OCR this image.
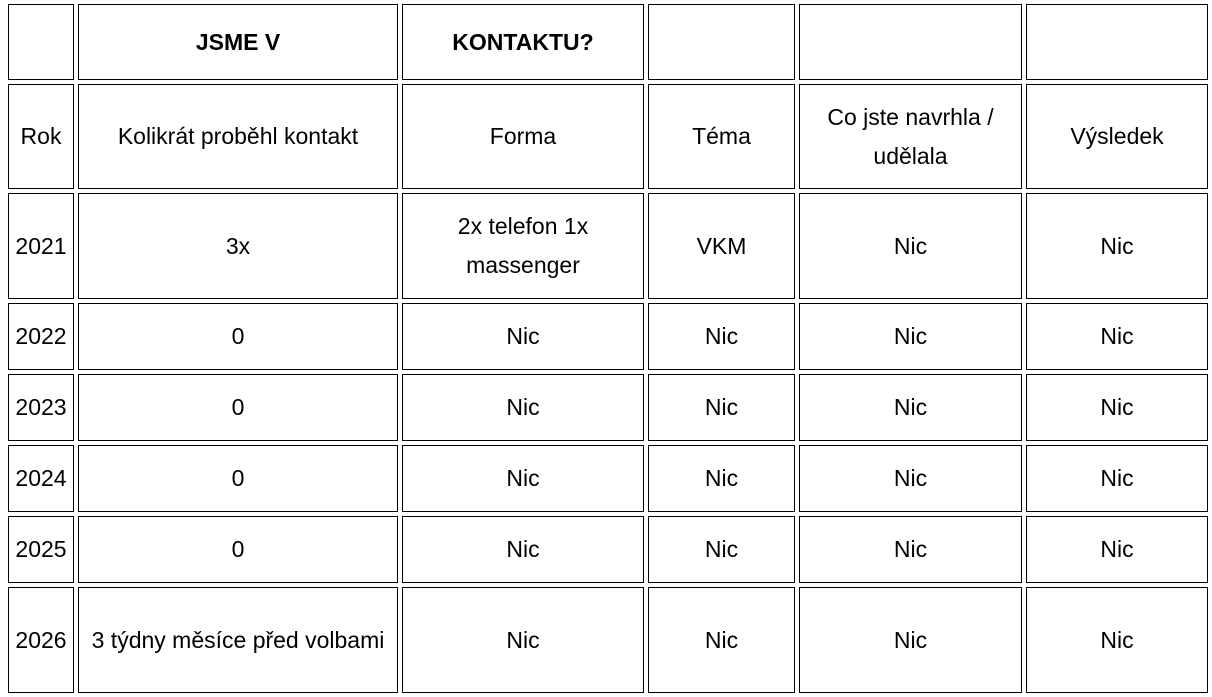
	JSME V	KONTAKTU?			
Rok	Kolikrát proběhl kontakt	Forma	Téma	Co jste navrhla / udělala	Výsledek
2021	3x	2x telefon 1x massenger	VKM	Nic	Nic
2022	0	Nic	Nic	Nic	Nic
2023	0	Nic	Nic	Nic	Nic
2024	0	Nic	Nic	Nic	Nic
2025	0	Nic	Nic	Nic	Nic
2026	3 týdny měsíce před volbami	Nic	Nic	Nic	Nic
